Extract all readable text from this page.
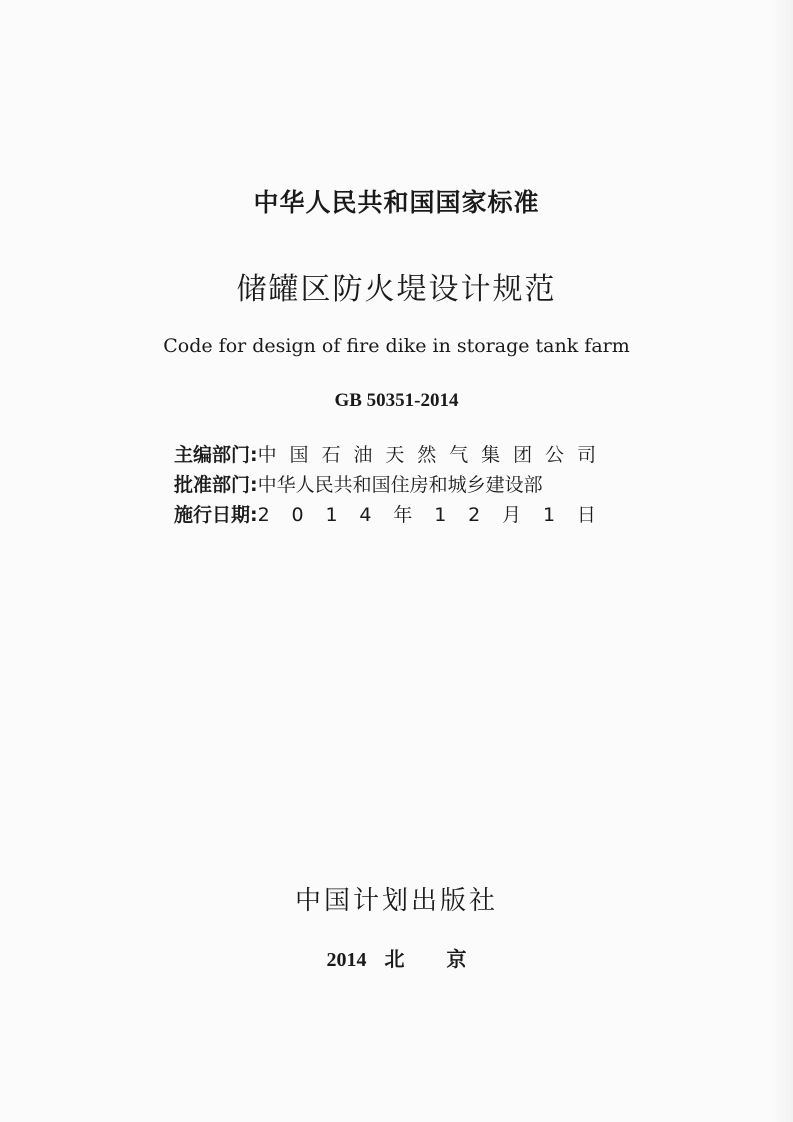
中华人民共和国国家标准
储罐区防火堤设计规范
Code for design of fire dike in storage tank farm
GB 50351-2014
主编部门: 中 国 石 油 天 然 气 集 团 公 司
批准部门: 中华人民共和国住房和城乡建设部
施行日期: 2 0 1 4 年 1 2 月 1 日
中国计划出版社
2014 北 京
